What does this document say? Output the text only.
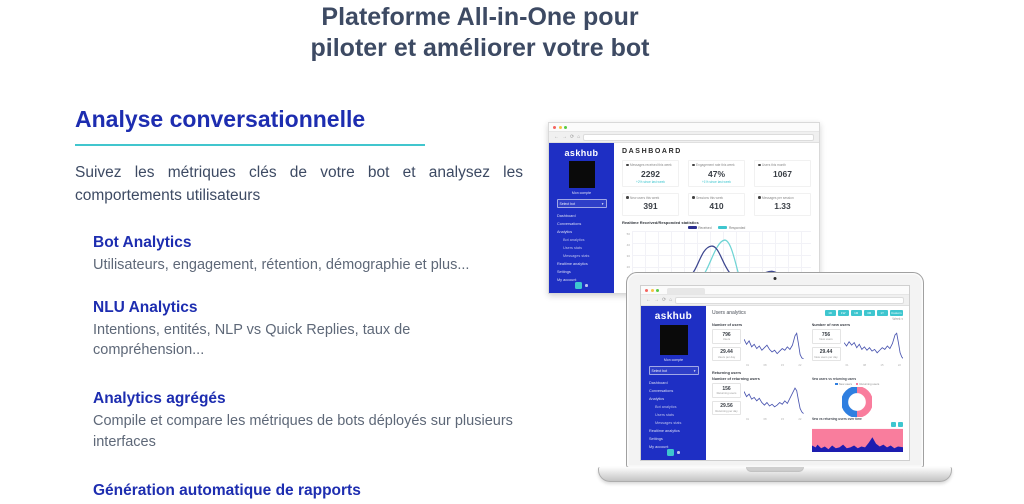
Plateforme All-in-One pour
piloter et améliorer votre bot
Analyse conversationnelle

Suivez les métriques clés de votre bot et analysez les comportements utilisateurs

Bot Analytics
Utilisateurs, engagement, rétention, démographie et plus...
NLU Analytics
Intentions, entités, NLP vs Quick Replies, taux de compréhension...
Analytics agrégés
Compile et compare les métriques de bots déployés sur plusieurs interfaces
Génération automatique de rapports
← → ⟳ ⌂
askhub
Mon compte
Select bot	▾
Dashboard
Conversations
Analytics
Bot analytics
Users stats
Messages stats
Realtime analytics
Settings
My account
DASHBOARD
Messages received this week
2292
+2% since last week
Engagement rate this week
47%
+1% since last week
Users this month
1067
New users this week
391
Sessions this week
410
Messages per session
1.33
Realtime Received/Responded statistics
Received	Responded
50
40
30
20
← → ⟳ ⌂
askhub
Mon compte
Select bot	▾
Dashboard
Conversations
Analytics
Bot analytics
Users stats
Messages stats
Realtime analytics
Settings
My account
Users analytics	1D	1W	1M	3M	1Y	Custom
Week ▾
Number of users
796
Users
29.44
Users per day
01	08	15	22
Number of new users
756
New users
29.44
New users per day
01	08	15	22
Returning users
Number of returning users
156
Returning users
29.56
Returning per day
01	08	15	22
New users vs returning users
New users	Returning users
New vs returning users over time
